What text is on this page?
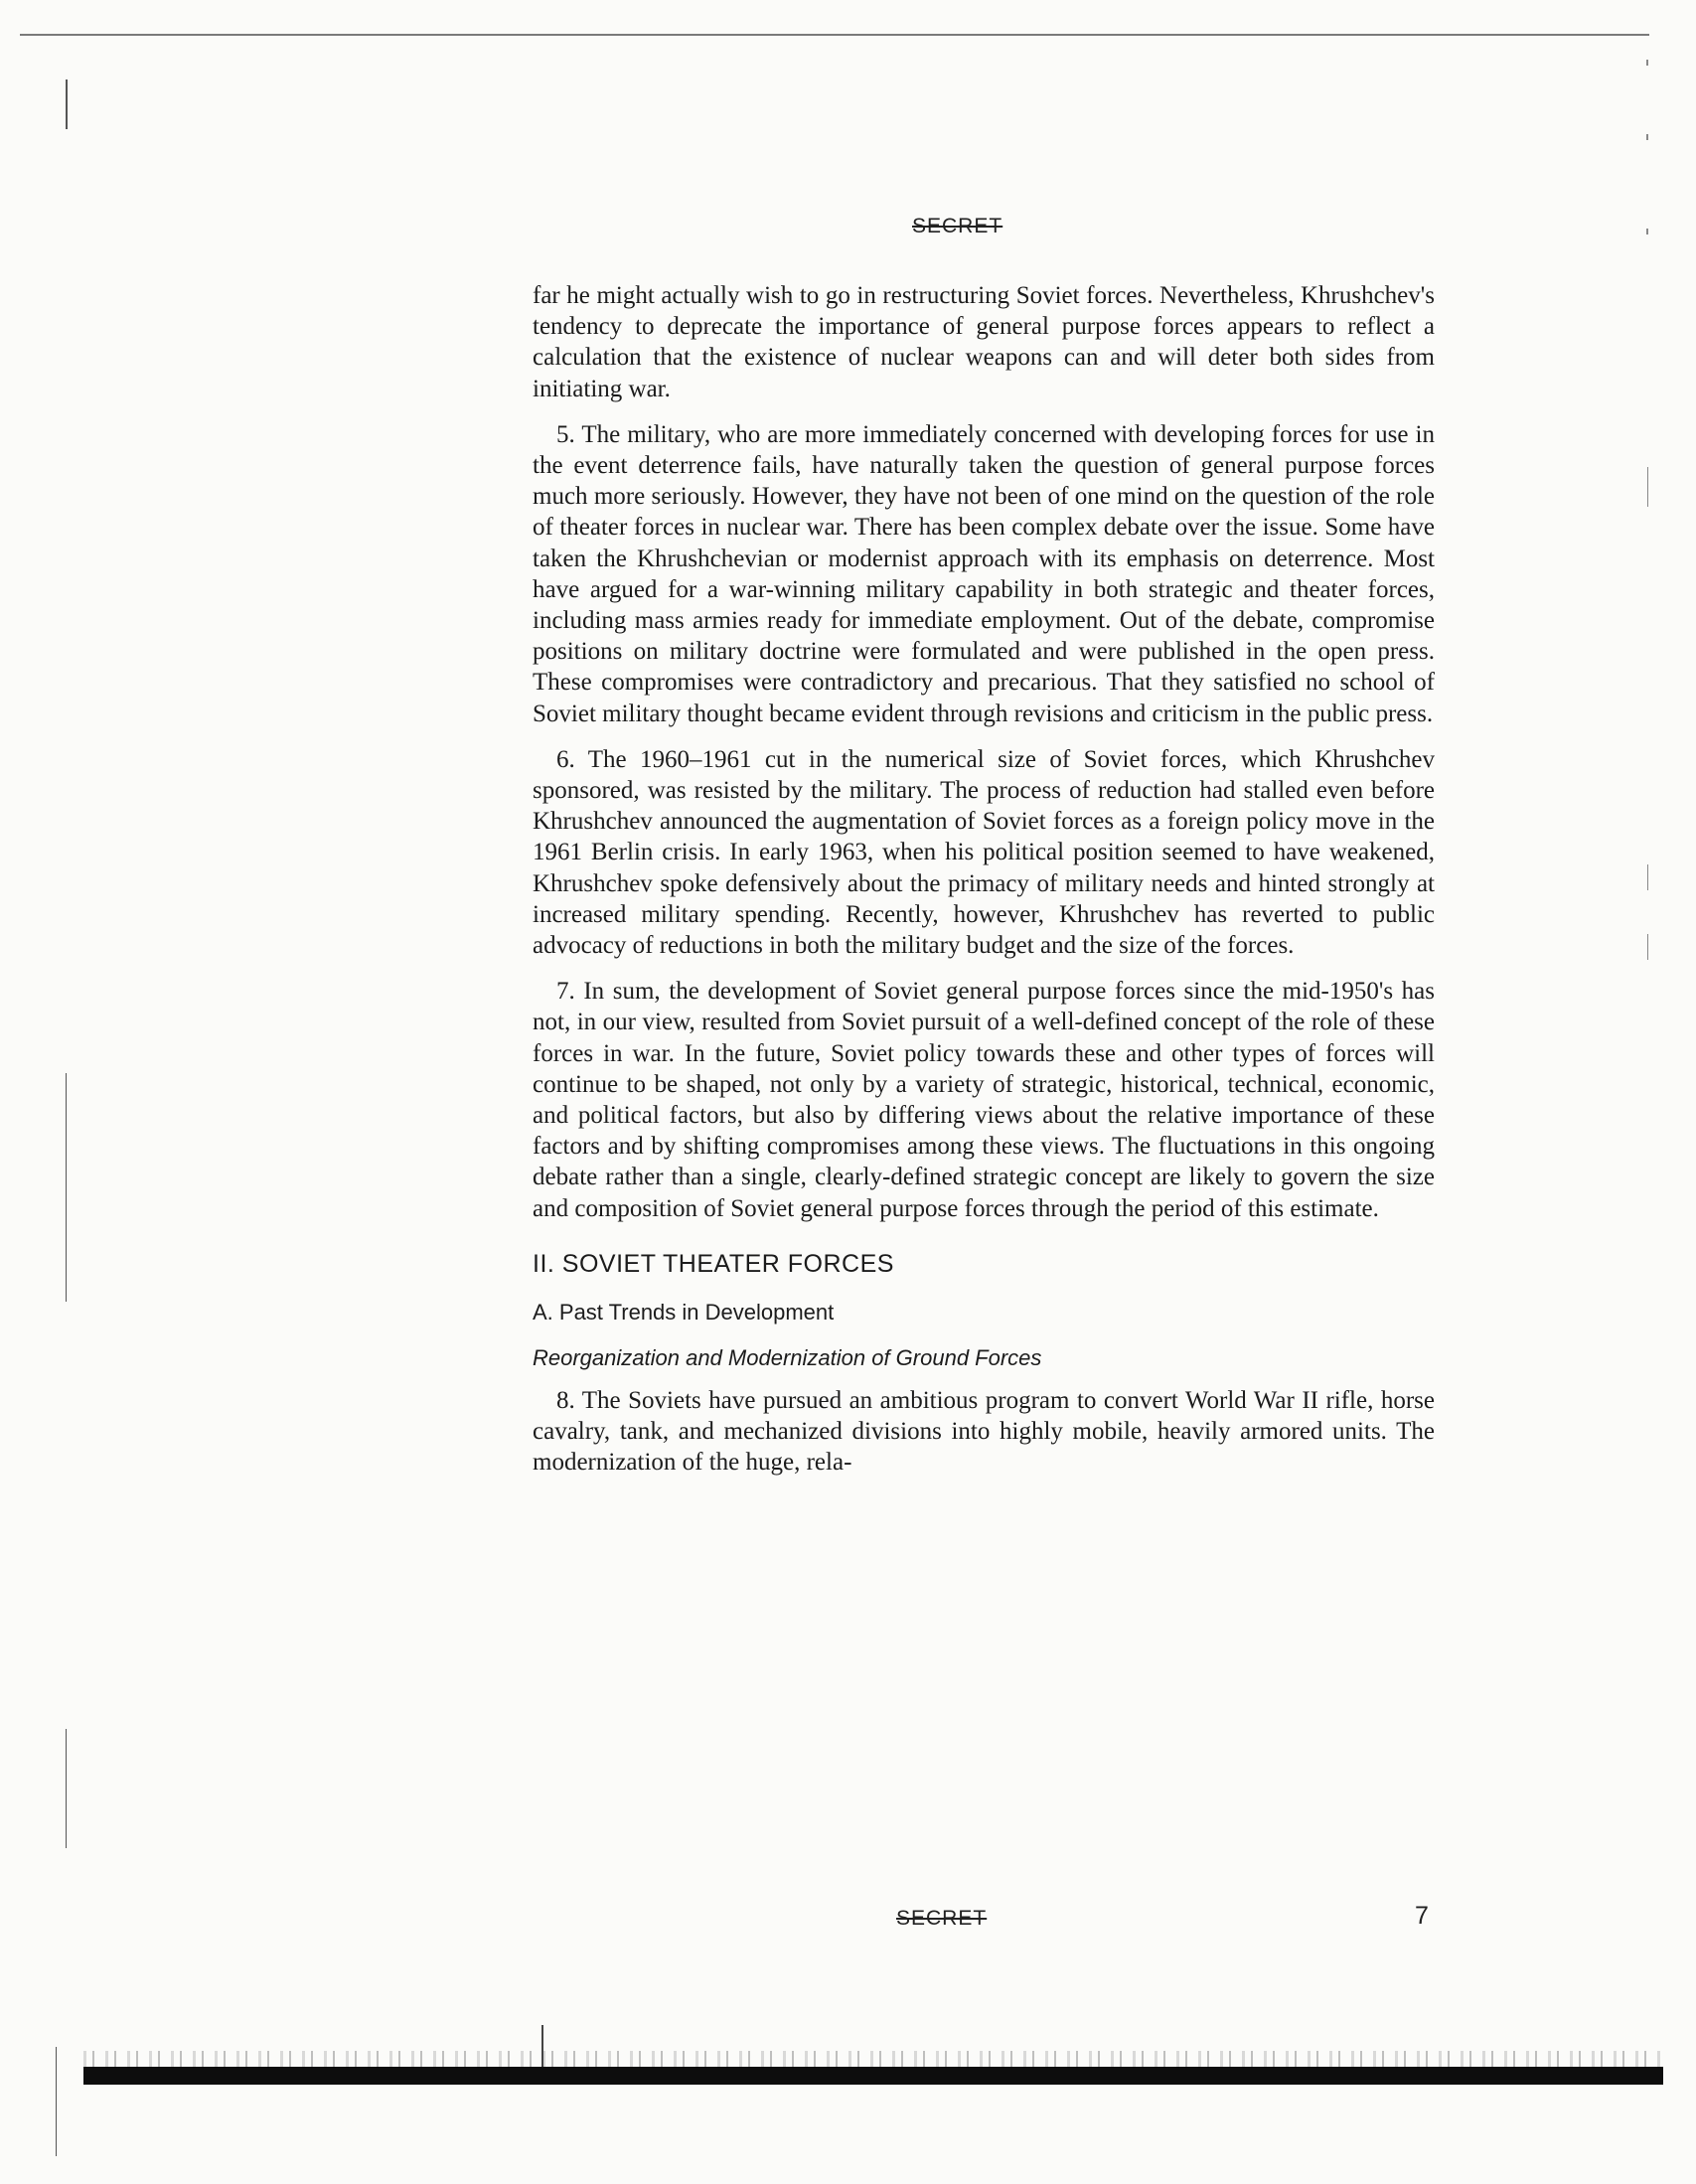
SECRET

far he might actually wish to go in restructuring Soviet forces. Nevertheless, Khrushchev's tendency to deprecate the importance of general purpose forces appears to reflect a calculation that the existence of nuclear weapons can and will deter both sides from initiating war.

5. The military, who are more immediately concerned with developing forces for use in the event deterrence fails, have naturally taken the question of general purpose forces much more seriously. However, they have not been of one mind on the question of the role of theater forces in nuclear war. There has been complex debate over the issue. Some have taken the Khrushchevian or modernist approach with its emphasis on deterrence. Most have argued for a war-winning military capability in both strategic and theater forces, including mass armies ready for immediate employment. Out of the debate, compromise positions on military doctrine were formulated and were published in the open press. These compromises were contradictory and precarious. That they satisfied no school of Soviet military thought became evident through revisions and criticism in the public press.

6. The 1960–1961 cut in the numerical size of Soviet forces, which Khrushchev sponsored, was resisted by the military. The process of reduction had stalled even before Khrushchev announced the augmentation of Soviet forces as a foreign policy move in the 1961 Berlin crisis. In early 1963, when his political position seemed to have weakened, Khrushchev spoke defensively about the primacy of military needs and hinted strongly at increased military spending. Recently, however, Khrushchev has reverted to public advocacy of reductions in both the military budget and the size of the forces.

7. In sum, the development of Soviet general purpose forces since the mid-1950's has not, in our view, resulted from Soviet pursuit of a well-defined concept of the role of these forces in war. In the future, Soviet policy towards these and other types of forces will continue to be shaped, not only by a variety of strategic, historical, technical, economic, and political factors, but also by differing views about the relative importance of these factors and by shifting compromises among these views. The fluctuations in this ongoing debate rather than a single, clearly-defined strategic concept are likely to govern the size and composition of Soviet general purpose forces through the period of this estimate.

II. SOVIET THEATER FORCES
A. Past Trends in Development
Reorganization and Modernization of Ground Forces

8. The Soviets have pursued an ambitious program to convert World War II rifle, horse cavalry, tank, and mechanized divisions into highly mobile, heavily armored units. The modernization of the huge, rela-

SECRET	7
